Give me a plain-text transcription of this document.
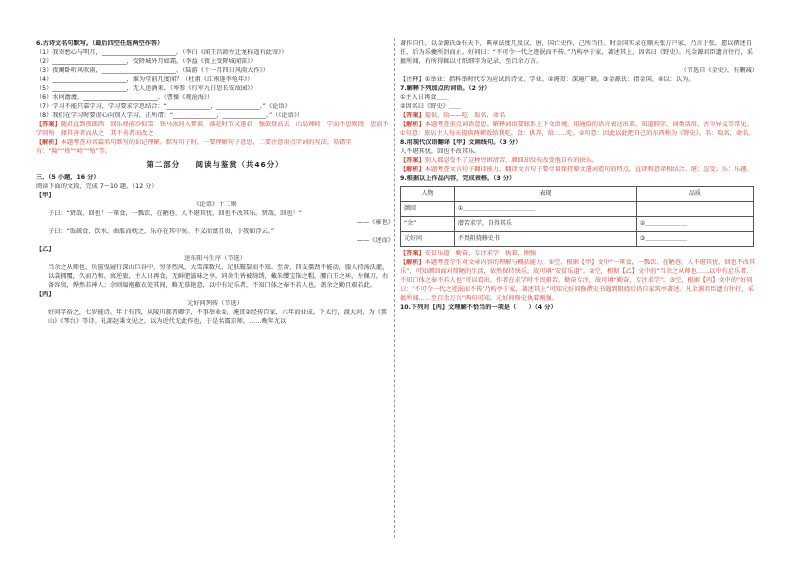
6.古诗文名句默写。（最后四空任选两空作答）

（1）我寄愁心与明月，________________________。（李白《闻王昌龄左迁龙标遥有此寄》）

（2）________________________，受降城外月如霜。（李益《夜上受降城闻笛》）

（3）夜阑卧听风吹雨，________________________。（陆游《十一月四日风雨大作》）

（4）________________________，谁为堂前几度闻？（杜甫《江南逢李龟年》）

（5）________________________，无人送酒来。（岑参《行军九日思长安故园》）

（6）水何澹澹，________________________。（曹操《观沧海》）

（7）学习不能只靠学习，学习要求学思结合：“______________，______________。”《论语》

（8）我们在学习时要虚心向别人学习，正所谓：“______________，______________。”（《论语》）

【答案】随君直到夜郎西　回乐烽前沙似雪　铁马冰河入梦来　落花时节又逢君　强欲登高去　山岛竦峙　学而不思则罔　思而不学则殆　择其善者而从之　其不善者而改之

【解析】本题考查对名篇名句默写的识记理解。默写句子时，一要理解句子意思，二要注意重点字词的写法。易错字有：“陵”“烽”“峙”“殆”等。

第二部分 阅读与鉴赏（共46分）

三、（5 小题，16 分）

阅读下面的文段，完成 7～10 题。（12 分）

【甲】

《论语》十二则

子曰：“贤哉，回也！一箪食，一瓢饮，在陋巷，人不堪其忧，回也不改其乐。贤哉，回也！”

——《雍也》

子曰：“饭疏食，饮水，曲肱而枕之，乐亦在其中矣。不义而富且贵，于我如浮云。”

——《述而》

【乙】

送东阳马生序（节选）

当余之从师也，负箧曳屣行深山巨谷中，穷冬烈风，大雪深数尺，足肤皲裂而不知。至舍，四支僵劲不能动，媵人持汤沃灌，以衾拥覆，久而乃和。寓逆旅，主人日再食，无鲜肥滋味之享。同舍生皆被绮绣，戴朱缨宝饰之帽，腰白玉之环，左佩刀，右备容臭，烨然若神人；余则缊袍敝衣处其间，略无慕艳意，以中有足乐者，不知口体之奉不若人也。盖余之勤且艰若此。

【丙】

元好问列传（节选）

好问字裕之，七岁能诗。年十有四，从陵川郝晋卿学，不事举业①，淹贯②经传百家，六年而业成。下太行，渡大河，为《箕山》《琴台》等诗。礼部赵秉文见之，以为近代无此作也，于是名震京师。……晚年尤以

著作自任，以金源氏③有天下，典章法度几及汉、唐，国亡史作，己所当任。时金国实录在顺天张万户家，乃言于张，愿以撰述自任，后为乐夔所沮而止。好问曰：“不可令一代之迹泯而不传。”乃构亭于家，著述其上，因名曰《野史》。凡金源君臣遗言往行，采摭所闻，有所得辄以寸纸细字为记录，至百余万言。

（节选自《金史》，有删减）

【注释】①举业：指科举时代专为应试的诗文、学业。②淹贯：深通广晓。③金源氏：指金国。④以：认为。

7.解释下列加点的词语。（2 分）

①主人日再食＿＿

②因名曰《野史》＿＿

【答案】提供，给——吃　取名，命名

【解析】本题考查重点词语意思。解释词语要联系上下文语境，用通俗的语言表达出来，知道假字、词类活用、古今异义等常见。①句意：旅店主人每天提供两顿饭给我吃。食：供养，给……吃。②句意：因此以此把自己的东西称为《野史》。名：取名，命名。

8.用现代汉语翻译【甲】文画线句。（3 分）

人不堪其忧，回也不改其乐。

【答案】别人都忍受不了这种穷困清苦，颜回却没有改变他自有的快乐。

【解析】本题考查文言句子翻译能力。翻译文言句子要尽量保持原文遣词造句的特点，直译和意译相结合。堪：忍受；乐：乐趣。

9.根据以上作品内容，完成表格。（3 分）

人物	表现	品质
颜回	①＿＿＿＿＿＿＿＿＿＿＿＿	
“余”	潜苦求学，自得其乐	②＿＿＿＿＿＿＿
元好问	不畏阻挠修史书	③＿＿＿＿＿＿＿

【答案】安贫乐道　勤奋，专注求学　执着、刚强

【解析】本题考查学生对文章内容的理解与概括能力。①空，根据【甲】文中“一箪食，一瓢饮，在陋巷，人不堪其忧，回也不改其乐”，可知颜回面对简陋的生活，依然保持快乐，故可填“安贫乐道”。②空，根据【乙】文中的“当余之从师也……以中有足乐者，不知口体之奉不若人也”可以看出，作者在求学时不畏艰苦、勤奋专注，故可填“勤奋，专注求学”。③空，根据【丙】文中的“好问曰：‘不可令一代之迹泯而不传’乃构亭于家，著述其上”可知元好问修撰史书遇到阻挠后仍自家筑亭著述。凡金源君臣遗言往行，采摭所闻……至百余万言”两句可知，元好问修史执着刚强。

10.下列对【丙】文理解不恰当的一项是（　　）（4 分）
